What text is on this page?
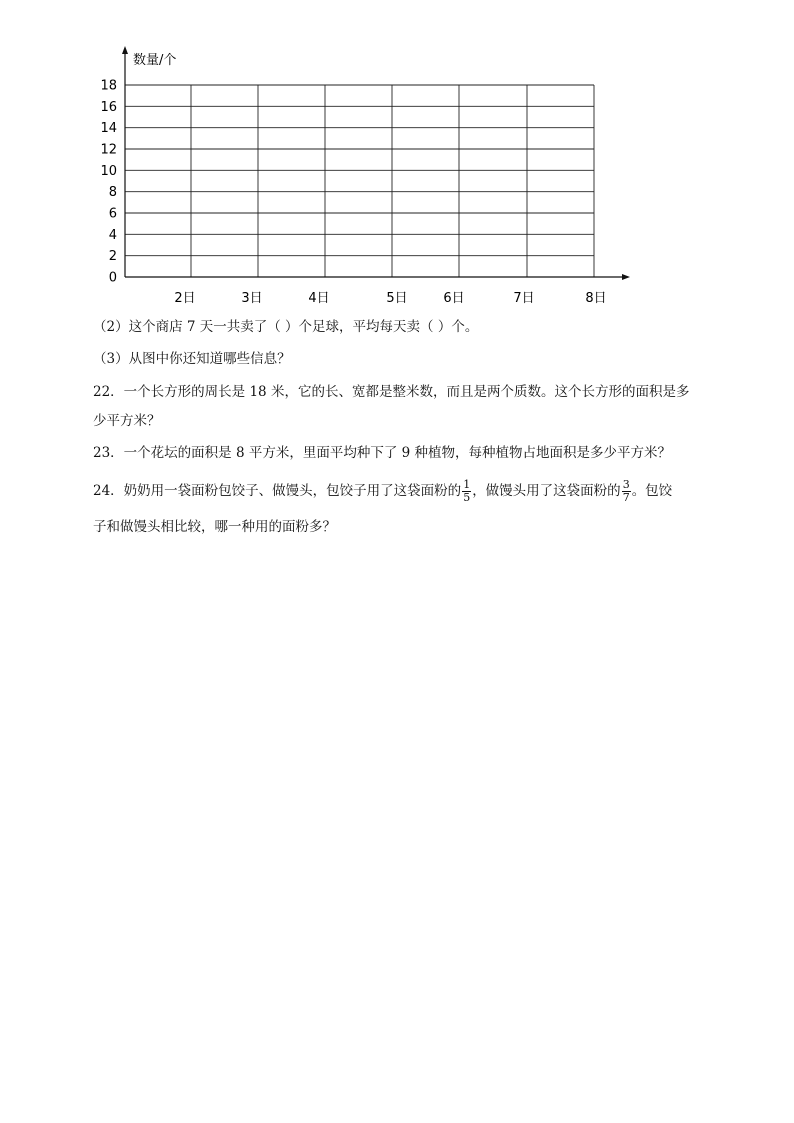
数量/个
0
2
4
6
8
10
12
14
16
18
2日	3日	4日	5日	6日	7日	8日
（2）这个商店 7 天一共卖了（ ）个足球，平均每天卖（ ）个。
（3）从图中你还知道哪些信息？
22．一个长方形的周长是 18 米，它的长、宽都是整米数，而且是两个质数。这个长方形的面积是多
少平方米？
23．一个花坛的面积是 8 平方米，里面平均种下了 9 种植物，每种植物占地面积是多少平方米？
24．奶奶用一袋面粉包饺子、做馒头，包饺子用了这袋面粉的 $\frac{1}{5}$ ，做馒头用了这袋面粉的 $\frac{3}{7}$ 。包饺
子和做馒头相比较，哪一种用的面粉多？
